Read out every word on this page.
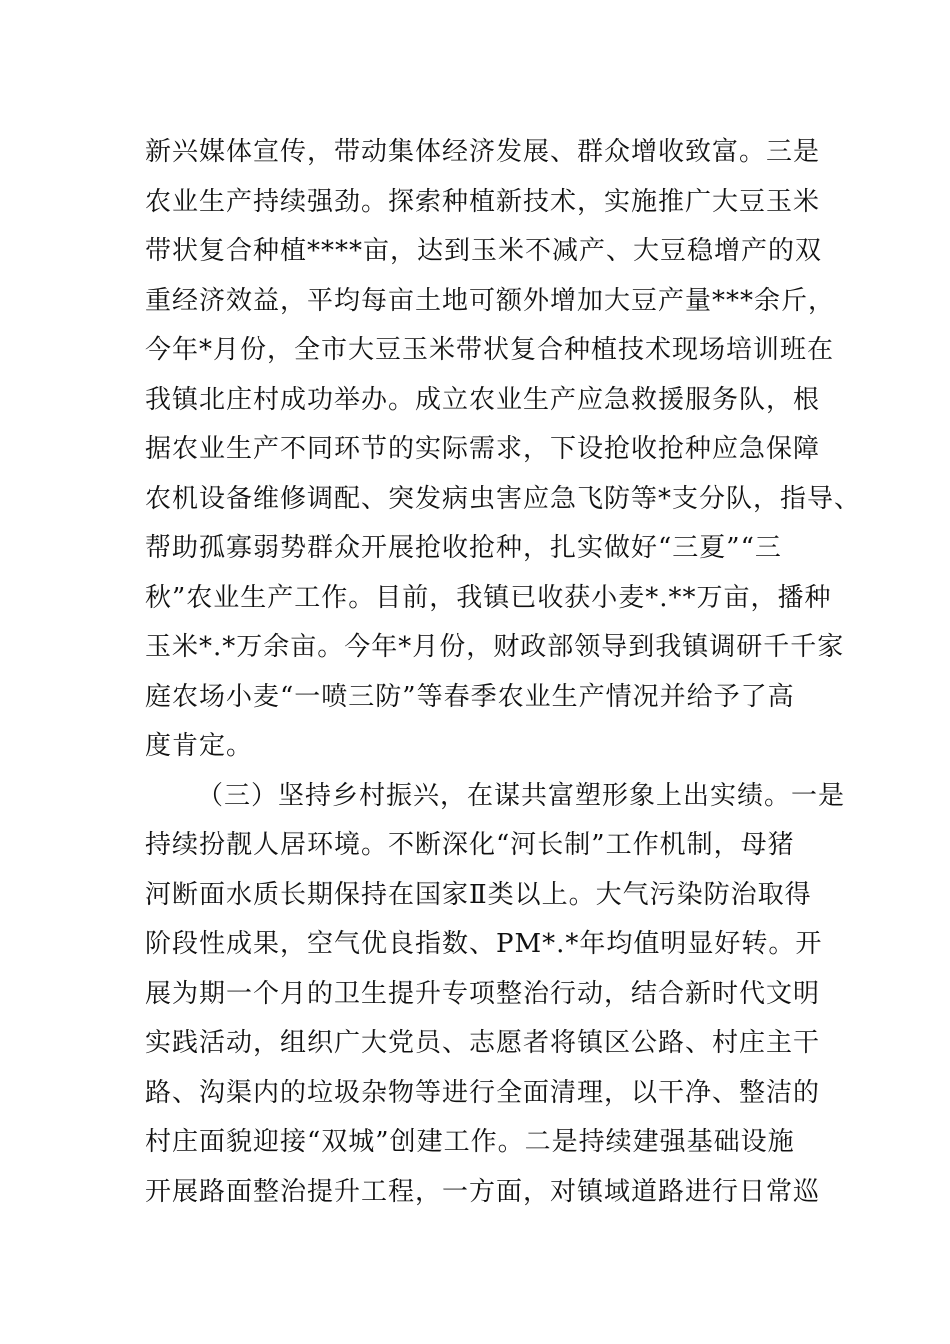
新兴媒体宣传，带动集体经济发展、群众增收致富。三是
农业生产持续强劲。探索种植新技术，实施推广大豆玉米
带状复合种植****亩，达到玉米不减产、大豆稳增产的双
重经济效益，平均每亩土地可额外增加大豆产量***余斤，
今年*月份，全市大豆玉米带状复合种植技术现场培训班在
我镇北庄村成功举办。成立农业生产应急救援服务队，根
据农业生产不同环节的实际需求，下设抢收抢种应急保障
农机设备维修调配、突发病虫害应急飞防等*支分队，指导、
帮助孤寡弱势群众开展抢收抢种，扎实做好“三夏”“三
秋”农业生产工作。目前，我镇已收获小麦*.**万亩，播种
玉米*.*万余亩。今年*月份，财政部领导到我镇调研千千家
庭农场小麦“一喷三防”等春季农业生产情况并给予了高
度肯定。
（三）坚持乡村振兴，在谋共富塑形象上出实绩。一是
持续扮靓人居环境。不断深化“河长制”工作机制，母猪
河断面水质长期保持在国家Ⅱ类以上。大气污染防治取得
阶段性成果，空气优良指数、PM*.*年均值明显好转。开
展为期一个月的卫生提升专项整治行动，结合新时代文明
实践活动，组织广大党员、志愿者将镇区公路、村庄主干
路、沟渠内的垃圾杂物等进行全面清理，以干净、整洁的
村庄面貌迎接“双城”创建工作。二是持续建强基础设施
开展路面整治提升工程，一方面，对镇域道路进行日常巡
